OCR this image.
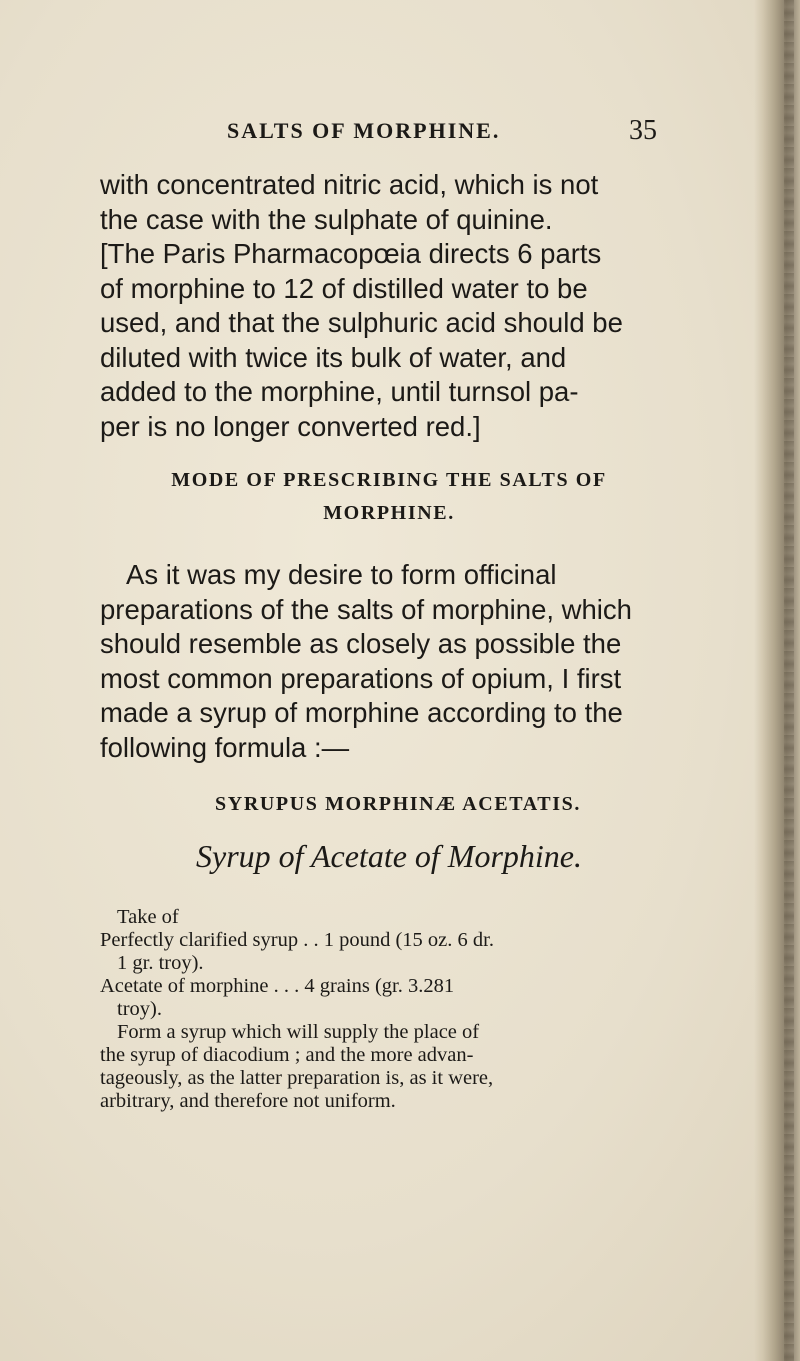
SALTS OF MORPHINE.	35
with concentrated nitric acid, which is not
the case with the sulphate of quinine.
[The Paris Pharmacopœia directs 6 parts
of morphine to 12 of distilled water to be
used, and that the sulphuric acid should be
diluted with twice its bulk of water, and
added to the morphine, until turnsol pa-
per is no longer converted red.]
MODE OF PRESCRIBING THE SALTS OF
MORPHINE.
As it was my desire to form officinal
preparations of the salts of morphine, which
should resemble as closely as possible the
most common preparations of opium, I first
made a syrup of morphine according to the
following formula :—
SYRUPUS MORPHINÆ ACETATIS.
Syrup of Acetate of Morphine.
Take of
Perfectly clarified syrup . . 1 pound (15 oz. 6 dr.
1 gr. troy).
Acetate of morphine . . . 4 grains (gr. 3.281
troy).
Form a syrup which will supply the place of
the syrup of diacodium ; and the more advan-
tageously, as the latter preparation is, as it were,
arbitrary, and therefore not uniform.
